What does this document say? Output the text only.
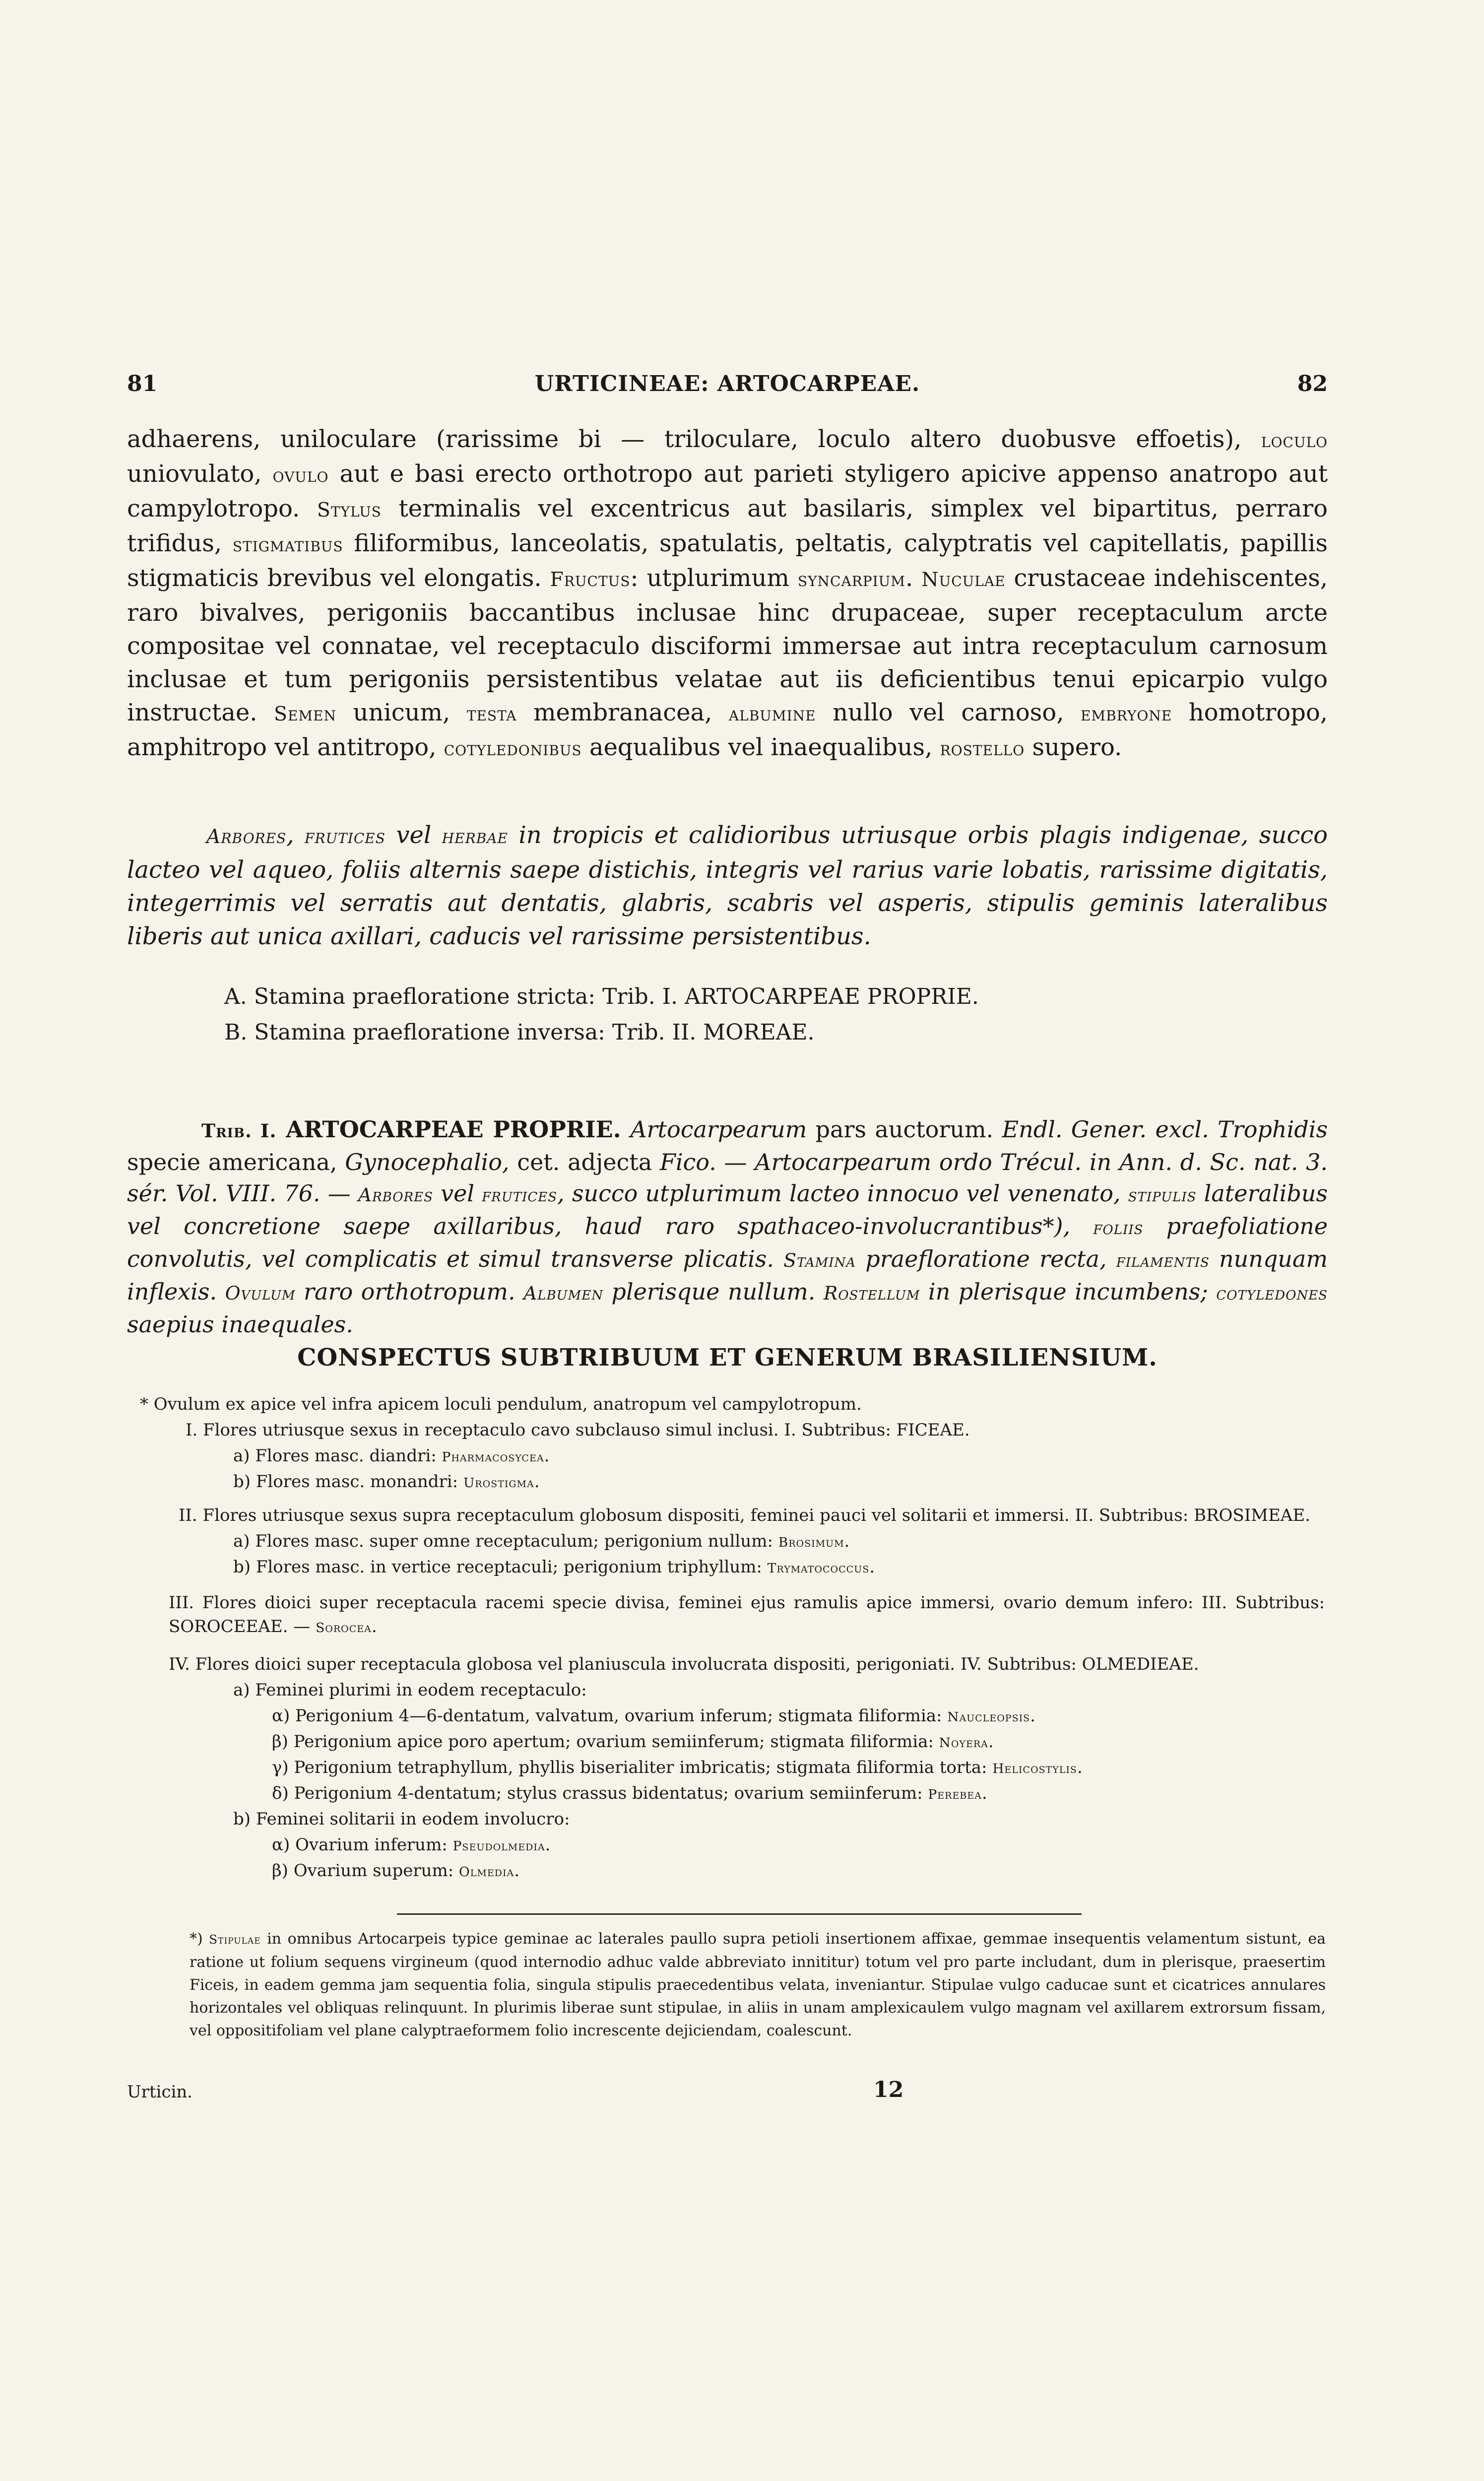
81	URTICINEAE: ARTOCARPEAE.	82
adhaerens, uniloculare (rarissime bi — triloculare, loculo altero duobusve effoetis), loculo uniovulato, ovulo aut e basi erecto orthotropo aut parieti styligero apicive appenso anatropo aut campylotropo. Stylus terminalis vel excentricus aut basilaris, simplex vel bipartitus, perraro trifidus, stigmatibus filiformibus, lanceolatis, spatulatis, peltatis, calyptratis vel capitellatis, papillis stigmaticis brevibus vel elongatis. Fructus: utplurimum syncarpium. Nuculae crustaceae indehiscentes, raro bivalves, perigoniis baccantibus inclusae hinc drupaceae, super receptaculum arcte compositae vel connatae, vel receptaculo disciformi immersae aut intra receptaculum carnosum inclusae et tum perigoniis persistentibus velatae aut iis deficientibus tenui epicarpio vulgo instructae. Semen unicum, testa membranacea, albumine nullo vel carnoso, embryone homotropo, amphitropo vel antitropo, cotyledonibus aequalibus vel inaequalibus, rostello supero.
Arbores, frutices vel herbae in tropicis et calidioribus utriusque orbis plagis indigenae, succo lacteo vel aqueo, foliis alternis saepe distichis, integris vel rarius varie lobatis, rarissime digitatis, integerrimis vel serratis aut dentatis, glabris, scabris vel asperis, stipulis geminis lateralibus liberis aut unica axillari, caducis vel rarissime persistentibus.
A. Stamina praefloratione stricta: Trib. I. ARTOCARPEAE PROPRIE.
B. Stamina praefloratione inversa: Trib. II. MOREAE.
Trib. I. ARTOCARPEAE PROPRIE. Artocarpearum pars auctorum. Endl. Gener. excl. Trophidis specie americana, Gynocephalio, cet. adjecta Fico. — Artocarpearum ordo Trécul. in Ann. d. Sc. nat. 3. sér. Vol. VIII. 76. — Arbores vel frutices, succo utplurimum lacteo innocuo vel venenato, stipulis lateralibus vel concretione saepe axillaribus, haud raro spathaceo-involucrantibus*), foliis praefoliatione convolutis, vel complicatis et simul transverse plicatis. Stamina praefloratione recta, filamentis nunquam inflexis. Ovulum raro orthotropum. Albumen plerisque nullum. Rostellum in plerisque incumbens; cotyledones saepius inaequales.
CONSPECTUS SUBTRIBUUM ET GENERUM BRASILIENSIUM.
* Ovulum ex apice vel infra apicem loculi pendulum, anatropum vel campylotropum.
I. Flores utriusque sexus in receptaculo cavo subclauso simul inclusi. I. Subtribus: FICEAE.
a) Flores masc. diandri: Pharmacosycea.
b) Flores masc. monandri: Urostigma.
II. Flores utriusque sexus supra receptaculum globosum dispositi, feminei pauci vel solitarii et immersi. II. Subtribus: BROSIMEAE.
a) Flores masc. super omne receptaculum; perigonium nullum: Brosimum.
b) Flores masc. in vertice receptaculi; perigonium triphyllum: Trymatococcus.
III. Flores dioici super receptacula racemi specie divisa, feminei ejus ramulis apice immersi, ovario demum infero: III. Subtribus: SOROCEEAE. — Sorocea.
IV. Flores dioici super receptacula globosa vel planiuscula involucrata dispositi, perigoniati. IV. Subtribus: OLMEDIEAE.
a) Feminei plurimi in eodem receptaculo:
α) Perigonium 4—6-dentatum, valvatum, ovarium inferum; stigmata filiformia: Naucleopsis.
β) Perigonium apice poro apertum; ovarium semiinferum; stigmata filiformia: Noyera.
γ) Perigonium tetraphyllum, phyllis biserialiter imbricatis; stigmata filiformia torta: Helicostylis.
δ) Perigonium 4-dentatum; stylus crassus bidentatus; ovarium semiinferum: Perebea.
b) Feminei solitarii in eodem involucro:
α) Ovarium inferum: Pseudolmedia.
β) Ovarium superum: Olmedia.
*) Stipulae in omnibus Artocarpeis typice geminae ac laterales paullo supra petioli insertionem affixae, gemmae insequentis velamentum sistunt, ea ratione ut folium sequens virgineum (quod internodio adhuc valde abbreviato innititur) totum vel pro parte includant, dum in plerisque, praesertim Ficeis, in eadem gemma jam sequentia folia, singula stipulis praecedentibus velata, inveniantur. Stipulae vulgo caducae sunt et cicatrices annulares horizontales vel obliquas relinquunt. In plurimis liberae sunt stipulae, in aliis in unam amplexicaulem vulgo magnam vel axillarem extrorsum fissam, vel oppositifoliam vel plane calyptraeformem folio increscente dejiciendam, coalescunt.
Urticin.	12
